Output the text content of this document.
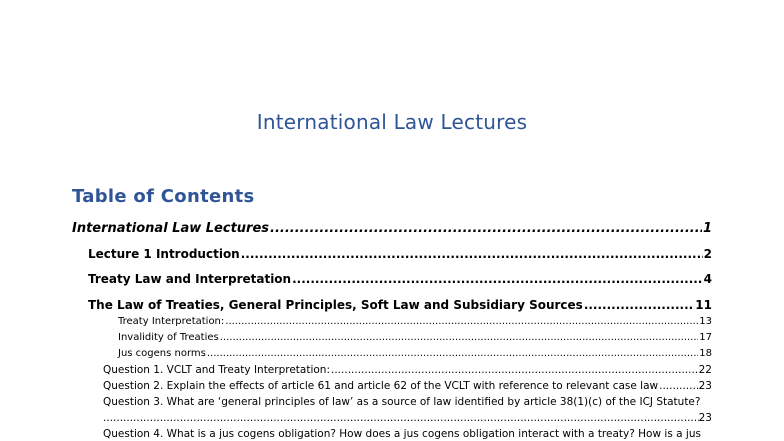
International Law Lectures
Table of Contents
International Law Lectures .....	1
Lecture 1 Introduction .....	2
Treaty Law and Interpretation .....	4
The Law of Treaties, General Principles, Soft Law and Subsidiary Sources .....	11
Treaty Interpretation: .....	13
Invalidity of Treaties .....	17
Jus cogens norms .....	18
Question 1. VCLT and Treaty Interpretation: .....	22
Question 2. Explain the effects of article 61 and article 62 of the VCLT with reference to relevant case law .....	23
Question 3. What are ‘general principles of law’ as a source of law identified by article 38(1)(c) of the ICJ Statute?
.....
23
Question 4. What is a jus cogens obligation? How does a jus cogens obligation interact with a treaty? How is a jus
